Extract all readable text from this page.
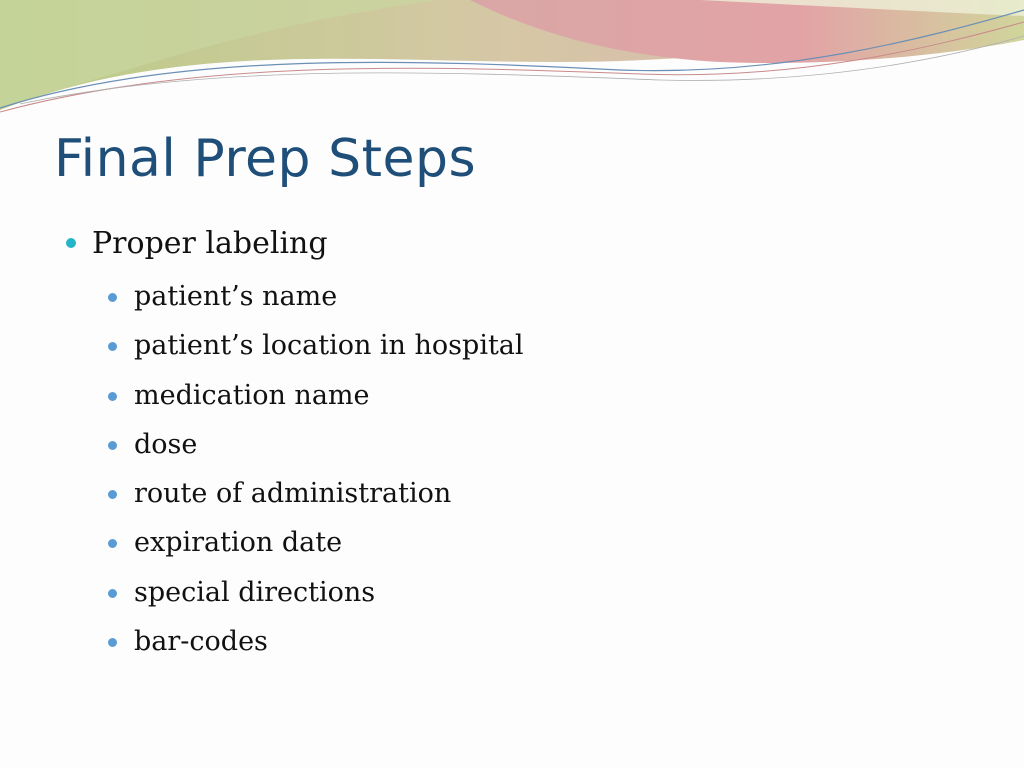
Final Prep Steps
Proper labeling
patient’s name
patient’s location in hospital
medication name
dose
route of administration
expiration date
special directions
bar-codes
